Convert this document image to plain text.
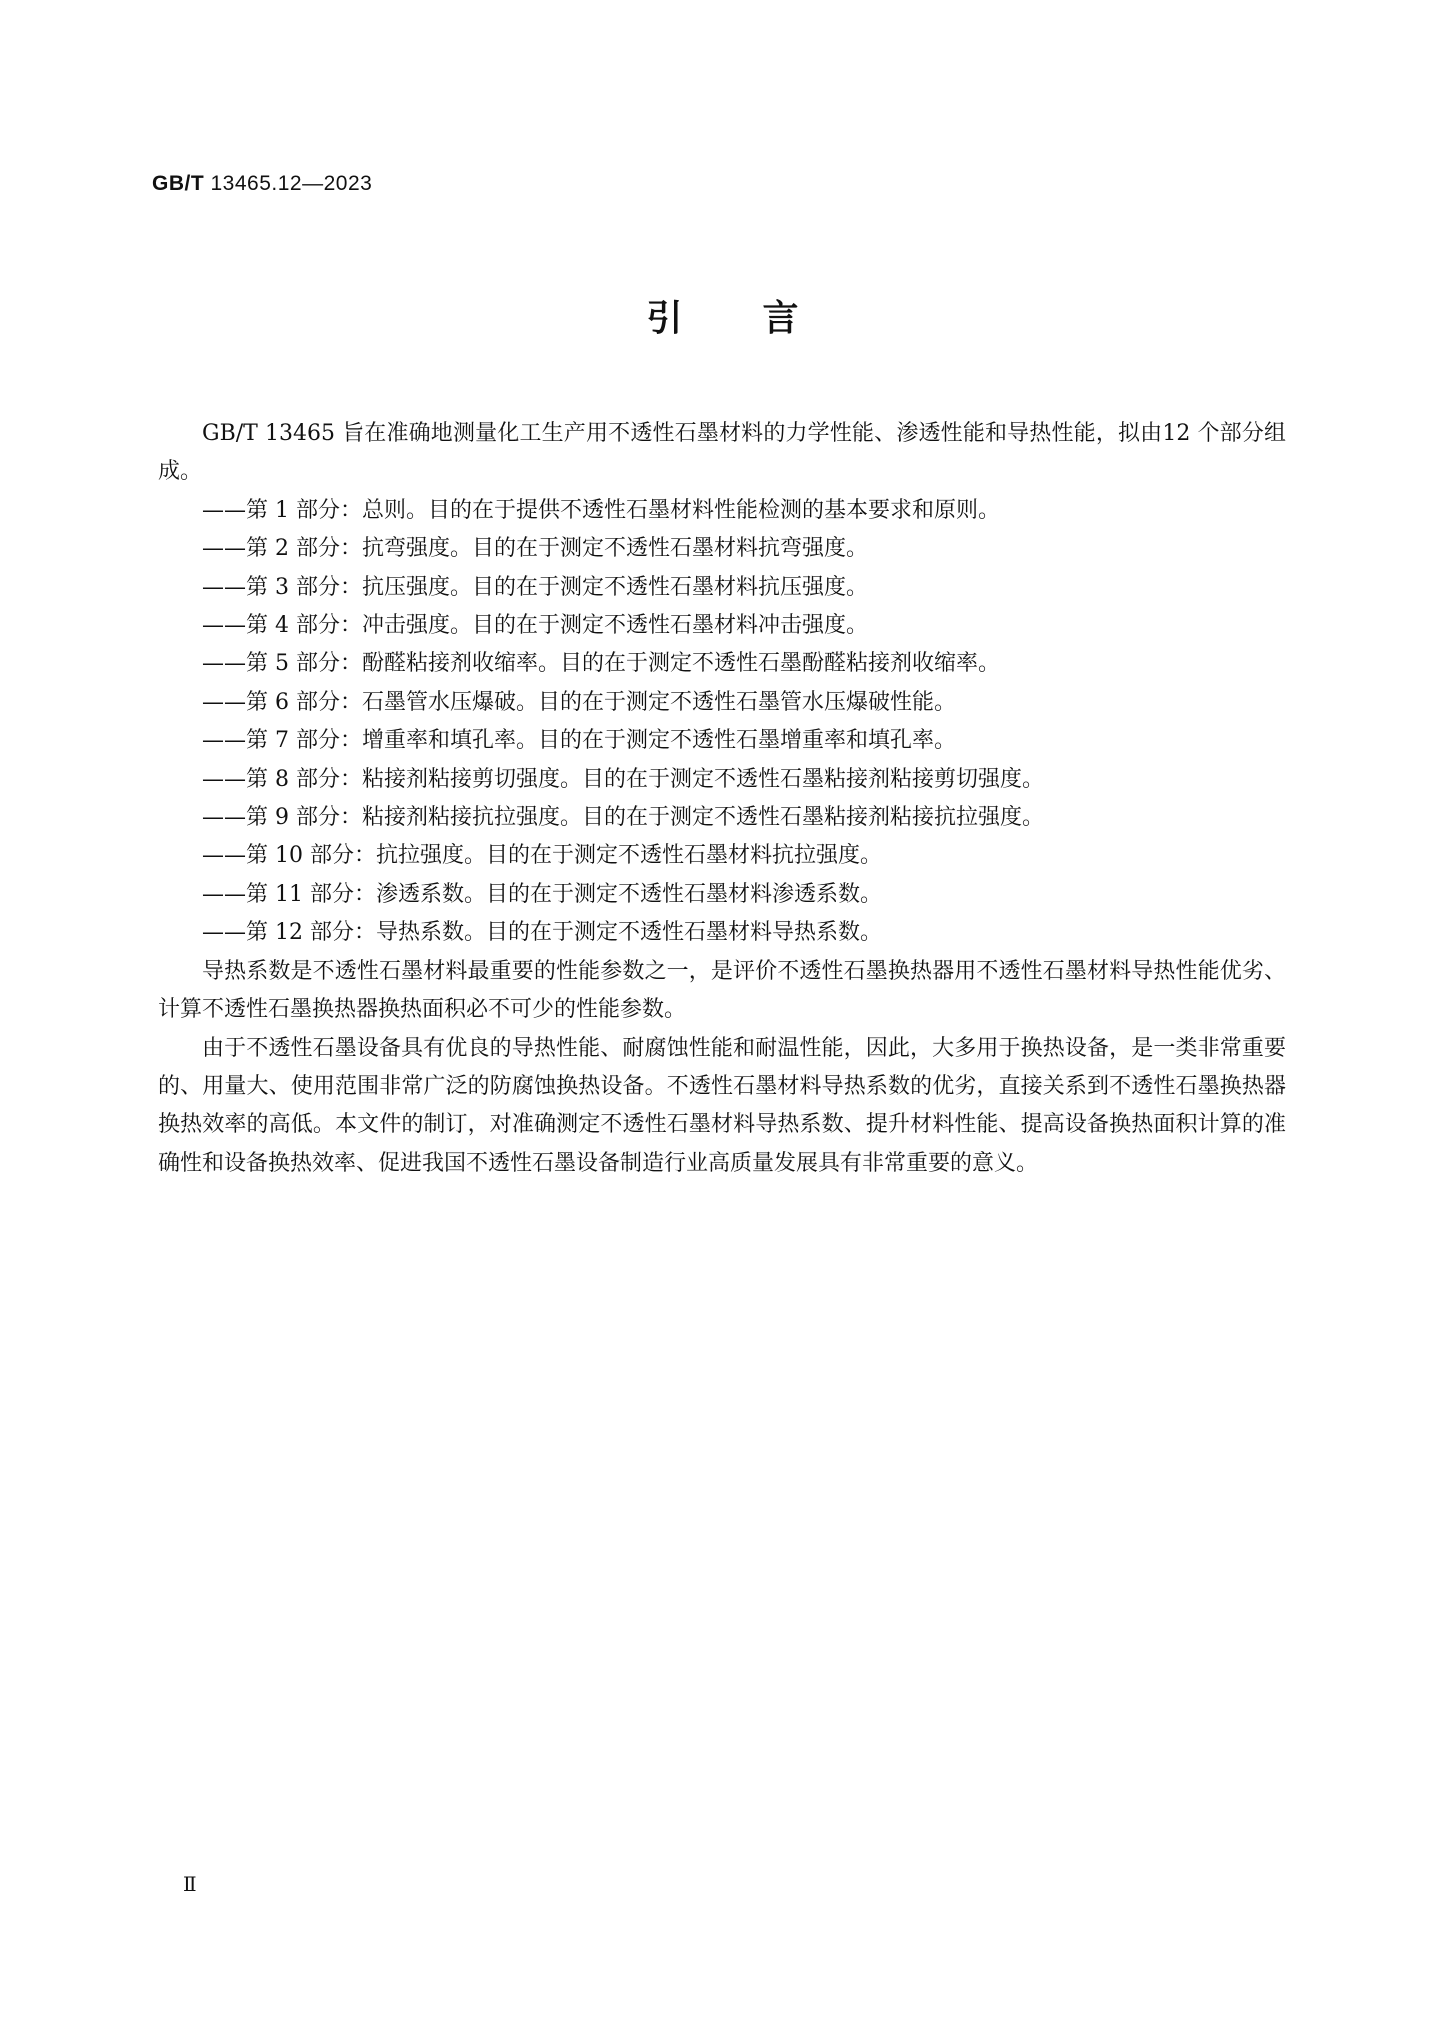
GB/T 13465.12—2023
引言

GB/T 13465 旨在准确地测量化工生产用不透性石墨材料的力学性能、渗透性能和导热性能，拟由12 个部分组成。

——第 1 部分：总则。目的在于提供不透性石墨材料性能检测的基本要求和原则。

——第 2 部分：抗弯强度。目的在于测定不透性石墨材料抗弯强度。

——第 3 部分：抗压强度。目的在于测定不透性石墨材料抗压强度。

——第 4 部分：冲击强度。目的在于测定不透性石墨材料冲击强度。

——第 5 部分：酚醛粘接剂收缩率。目的在于测定不透性石墨酚醛粘接剂收缩率。

——第 6 部分：石墨管水压爆破。目的在于测定不透性石墨管水压爆破性能。

——第 7 部分：增重率和填孔率。目的在于测定不透性石墨增重率和填孔率。

——第 8 部分：粘接剂粘接剪切强度。目的在于测定不透性石墨粘接剂粘接剪切强度。

——第 9 部分：粘接剂粘接抗拉强度。目的在于测定不透性石墨粘接剂粘接抗拉强度。

——第 10 部分：抗拉强度。目的在于测定不透性石墨材料抗拉强度。

——第 11 部分：渗透系数。目的在于测定不透性石墨材料渗透系数。

——第 12 部分：导热系数。目的在于测定不透性石墨材料导热系数。

导热系数是不透性石墨材料最重要的性能参数之一，是评价不透性石墨换热器用不透性石墨材料导热性能优劣、计算不透性石墨换热器换热面积必不可少的性能参数。

由于不透性石墨设备具有优良的导热性能、耐腐蚀性能和耐温性能，因此，大多用于换热设备，是一类非常重要的、用量大、使用范围非常广泛的防腐蚀换热设备。不透性石墨材料导热系数的优劣，直接关系到不透性石墨换热器换热效率的高低。本文件的制订，对准确测定不透性石墨材料导热系数、提升材料性能、提高设备换热面积计算的准确性和设备换热效率、促进我国不透性石墨设备制造行业高质量发展具有非常重要的意义。

Ⅱ
